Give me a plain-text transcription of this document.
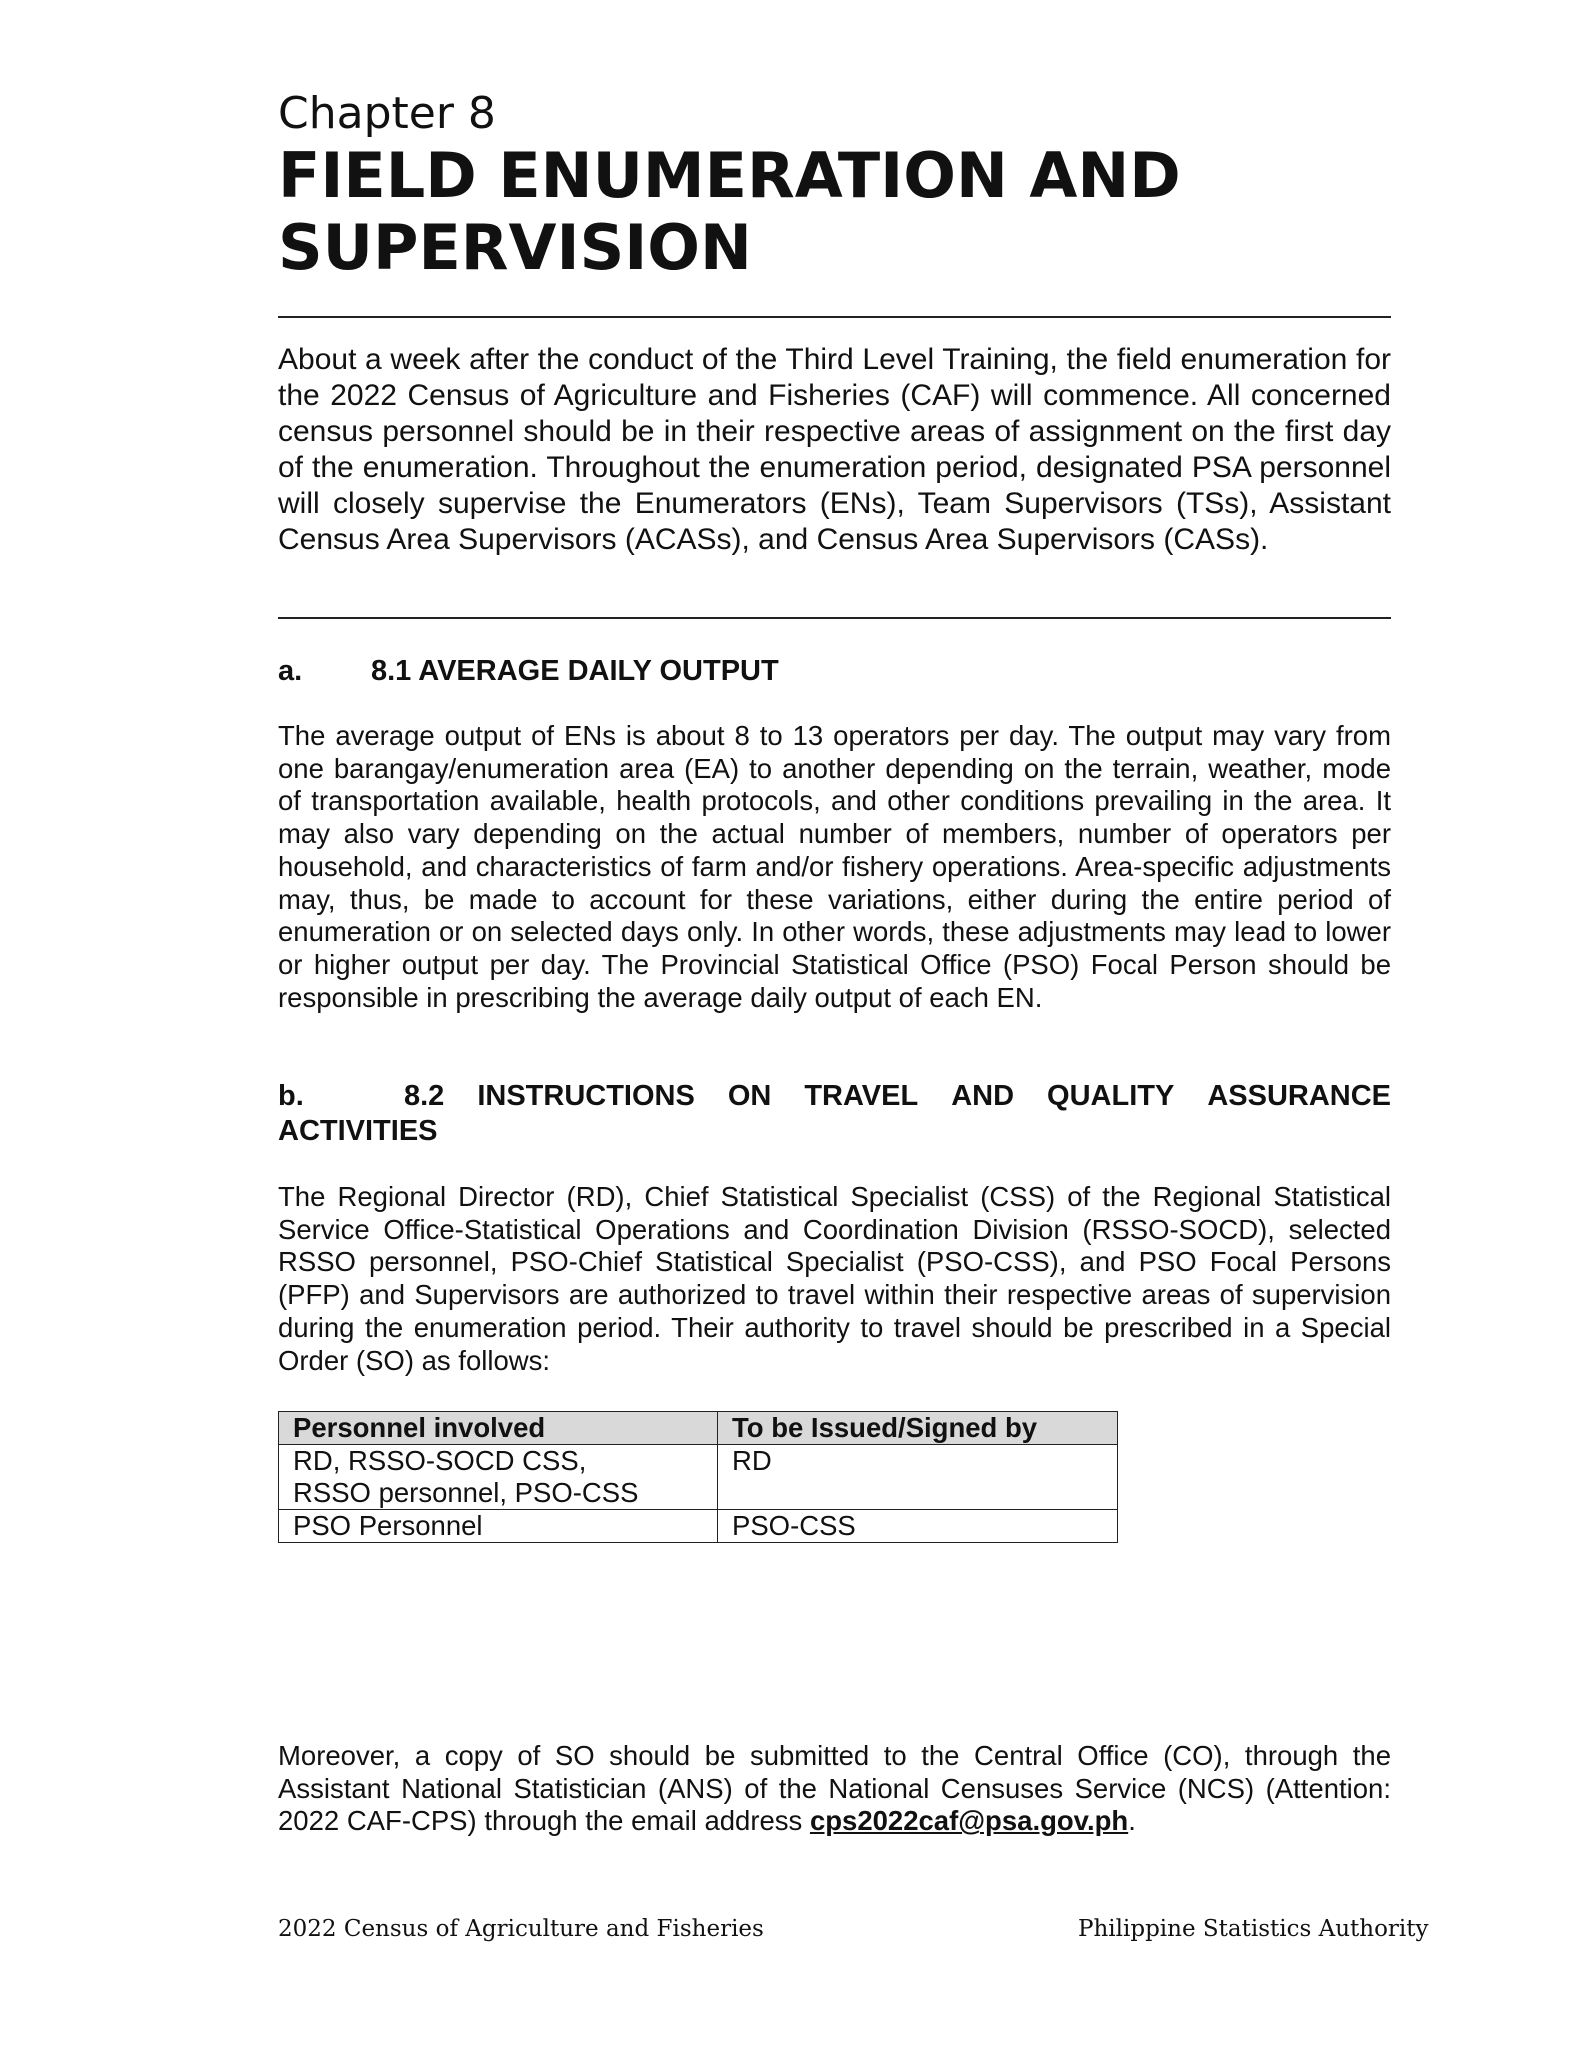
Chapter 8
FIELD ENUMERATION AND SUPERVISION
About a week after the conduct of the Third Level Training, the field enumeration for the 2022 Census of Agriculture and Fisheries (CAF) will commence. All concerned census personnel should be in their respective areas of assignment on the first day of the enumeration. Throughout the enumeration period, designated PSA personnel will closely supervise the Enumerators (ENs), Team Supervisors (TSs), Assistant Census Area Supervisors (ACASs), and Census Area Supervisors (CASs).
a. 8.1 AVERAGE DAILY OUTPUT
The average output of ENs is about 8 to 13 operators per day. The output may vary from one barangay/enumeration area (EA) to another depending on the terrain, weather, mode of transportation available, health protocols, and other conditions prevailing in the area. It may also vary depending on the actual number of members, number of operators per household, and characteristics of farm and/or fishery operations. Area-specific adjustments may, thus, be made to account for these variations, either during the entire period of enumeration or on selected days only. In other words, these adjustments may lead to lower or higher output per day. The Provincial Statistical Office (PSO) Focal Person should be responsible in prescribing the average daily output of each EN.
b.	8.2 INSTRUCTIONS ON TRAVEL AND QUALITY ASSURANCE
ACTIVITIES
The Regional Director (RD), Chief Statistical Specialist (CSS) of the Regional Statistical Service Office-Statistical Operations and Coordination Division (RSSO-SOCD), selected RSSO personnel, PSO-Chief Statistical Specialist (PSO-CSS), and PSO Focal Persons (PFP) and Supervisors are authorized to travel within their respective areas of supervision during the enumeration period. Their authority to travel should be prescribed in a Special Order (SO) as follows:
Personnel involved	To be Issued/Signed by

RD, RSSO-SOCD CSS,
RSSO personnel, PSO-CSS	RD

PSO Personnel	PSO-CSS
Moreover, a copy of SO should be submitted to the Central Office (CO), through the Assistant National Statistician (ANS) of the National Censuses Service (NCS) (Attention: 2022 CAF-CPS) through the email address cps2022caf@psa.gov.ph.
2022 Census of Agriculture and Fisheries	Philippine Statistics Authority
